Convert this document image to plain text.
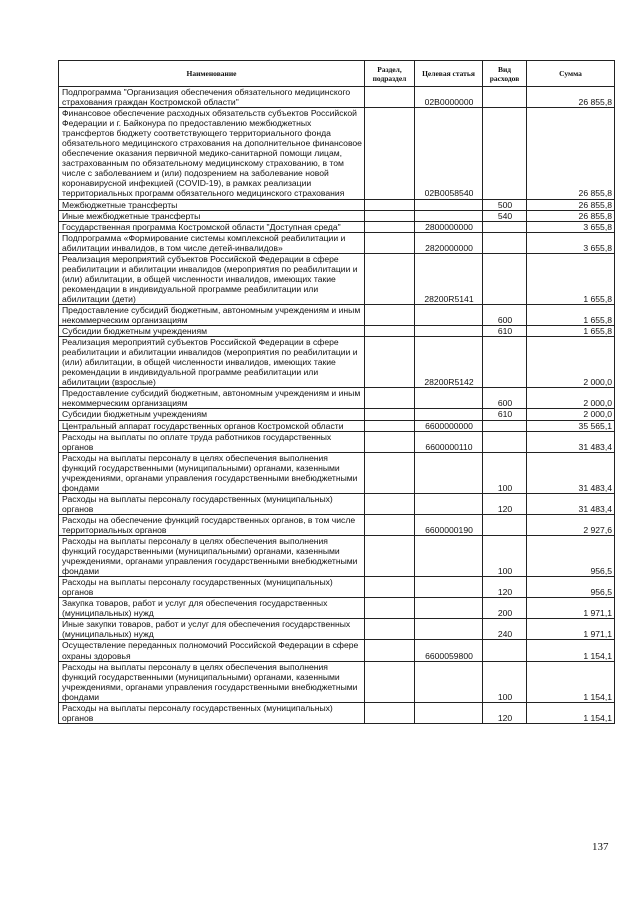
Наименование	Раздел, подраздел	Целевая статья	Вид расходов	Сумма
Подпрограмма "Организация обеспечения обязательного медицинского страхования граждан Костромской области"		02В0000000		26 855,8
Финансовое обеспечение расходных обязательств субъектов Российской Федерации и г. Байконура по предоставлению межбюджетных трансфертов бюджету соответствующего территориального фонда обязательного медицинского страхования на дополнительное финансовое обеспечение оказания первичной медико-санитарной помощи лицам, застрахованным по обязательному медицинскому страхованию, в том числе с заболеванием и (или) подозрением на заболевание новой коронавирусной инфекцией (COVID-19), в рамках реализации территориальных программ обязательного медицинского страхования		02В0058540		26 855,8
Межбюджетные трансферты			500	26 855,8
Иные межбюджетные трансферты			540	26 855,8
Государственная программа Костромской области "Доступная среда"		2800000000		3 655,8
Подпрограмма «Формирование системы комплексной реабилитации и абилитации инвалидов, в том числе детей-инвалидов»		2820000000		3 655,8
Реализация мероприятий субъектов Российской Федерации в сфере реабилитации и абилитации инвалидов (мероприятия по реабилитации и (или) абилитации, в общей численности инвалидов, имеющих такие рекомендации в индивидуальной программе реабилитации или абилитации (дети)		28200R5141		1 655,8
Предоставление субсидий бюджетным, автономным учреждениям и иным некоммерческим организациям			600	1 655,8
Субсидии бюджетным учреждениям			610	1 655,8
Реализация мероприятий субъектов Российской Федерации в сфере реабилитации и абилитации инвалидов (мероприятия по реабилитации и (или) абилитации, в общей численности инвалидов, имеющих такие рекомендации в индивидуальной программе реабилитации или абилитации (взрослые)		28200R5142		2 000,0
Предоставление субсидий бюджетным, автономным учреждениям и иным некоммерческим организациям			600	2 000,0
Субсидии бюджетным учреждениям			610	2 000,0
Центральный аппарат государственных органов Костромской области		6600000000		35 565,1
Расходы на выплаты по оплате труда работников государственных органов		6600000110		31 483,4
Расходы на выплаты персоналу в целях обеспечения выполнения функций государственными (муниципальными) органами, казенными учреждениями, органами управления государственными внебюджетными фондами			100	31 483,4
Расходы на выплаты персоналу государственных (муниципальных) органов			120	31 483,4
Расходы на обеспечение функций государственных органов, в том числе территориальных органов		6600000190		2 927,6
Расходы на выплаты персоналу в целях обеспечения выполнения функций государственными (муниципальными) органами, казенными учреждениями, органами управления государственными внебюджетными фондами			100	956,5
Расходы на выплаты персоналу государственных (муниципальных) органов			120	956,5
Закупка товаров, работ и услуг для обеспечения государственных (муниципальных) нужд			200	1 971,1
Иные закупки товаров, работ и услуг для обеспечения государственных (муниципальных) нужд			240	1 971,1
Осуществление переданных полномочий Российской Федерации в сфере охраны здоровья		6600059800		1 154,1
Расходы на выплаты персоналу в целях обеспечения выполнения функций государственными (муниципальными) органами, казенными учреждениями, органами управления государственными внебюджетными фондами			100	1 154,1
Расходы на выплаты персоналу государственных (муниципальных) органов			120	1 154,1
137
